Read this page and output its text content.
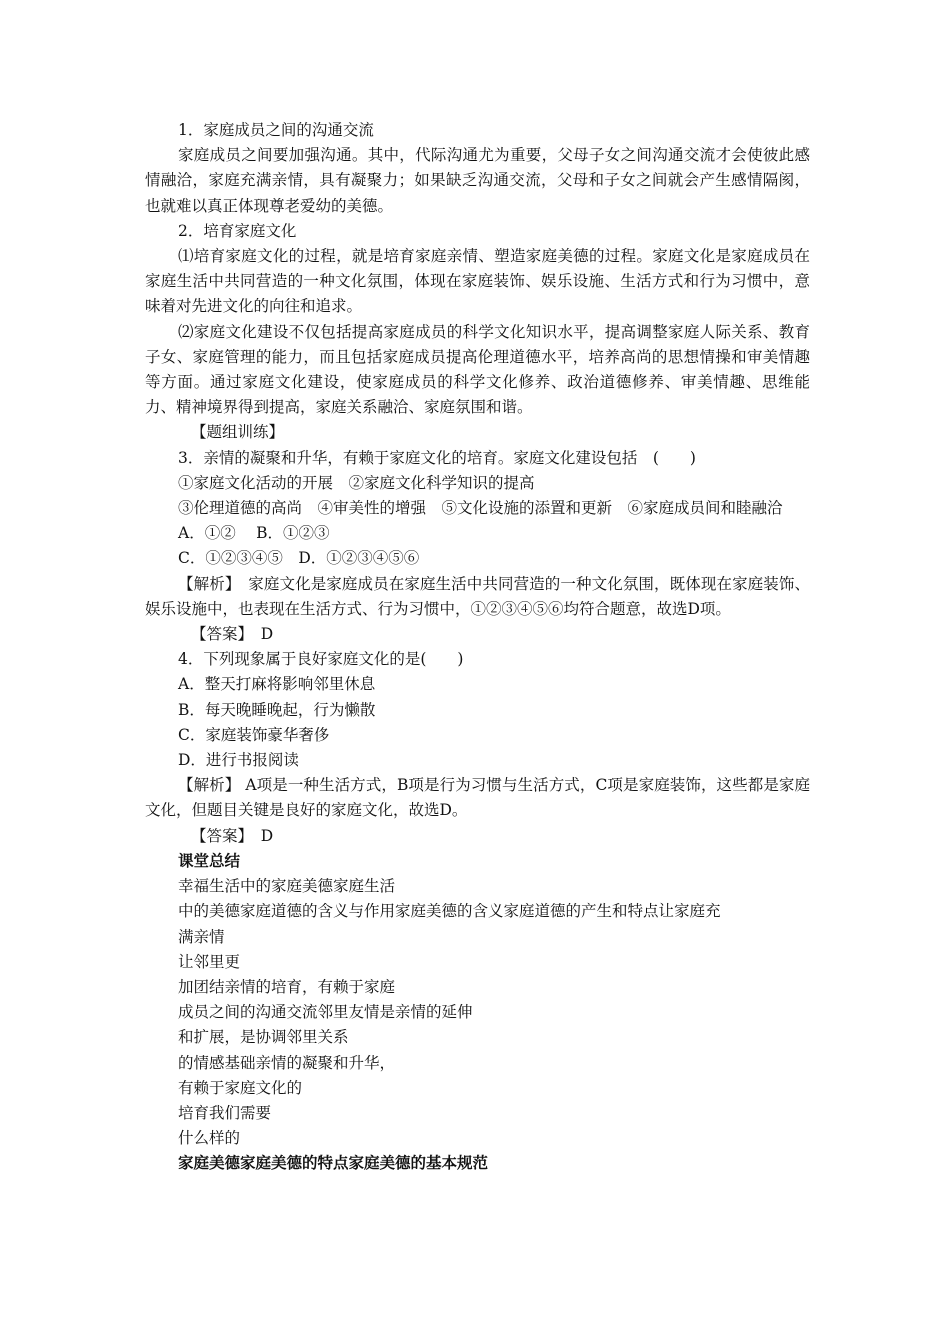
1．家庭成员之间的沟通交流
家庭成员之间要加强沟通。其中，代际沟通尤为重要，父母子女之间沟通交流才会使彼此感情融洽，家庭充满亲情，具有凝聚力；如果缺乏沟通交流，父母和子女之间就会产生感情隔阂，也就难以真正体现尊老爱幼的美德。
2．培育家庭文化
⑴培育家庭文化的过程，就是培育家庭亲情、塑造家庭美德的过程。家庭文化是家庭成员在家庭生活中共同营造的一种文化氛围，体现在家庭装饰、娱乐设施、生活方式和行为习惯中，意味着对先进文化的向往和追求。
⑵家庭文化建设不仅包括提高家庭成员的科学文化知识水平，提高调整家庭人际关系、教育子女、家庭管理的能力，而且包括家庭成员提高伦理道德水平，培养高尚的思想情操和审美情趣等方面。通过家庭文化建设，使家庭成员的科学文化修养、政治道德修养、审美情趣、思维能力、精神境界得到提高，家庭关系融洽、家庭氛围和谐。
【题组训练】
3．亲情的凝聚和升华，有赖于家庭文化的培育。家庭文化建设包括　(　　)
①家庭文化活动的开展　②家庭文化科学知识的提高
③伦理道德的高尚　④审美性的增强　⑤文化设施的添置和更新　⑥家庭成员间和睦融洽
A．①②　 B．①②③
C．①②③④⑤　D．①②③④⑤⑥
【解析】　家庭文化是家庭成员在家庭生活中共同营造的一种文化氛围，既体现在家庭装饰、娱乐设施中，也表现在生活方式、行为习惯中，①②③④⑤⑥均符合题意，故选D项。
【答案】　D
4．下列现象属于良好家庭文化的是(　　)
A．整天打麻将影响邻里休息
B．每天晚睡晚起，行为懒散
C．家庭装饰豪华奢侈
D．进行书报阅读
【解析】 A项是一种生活方式，B项是行为习惯与生活方式，C项是家庭装饰，这些都是家庭文化，但题目关键是良好的家庭文化，故选D。
【答案】　D
课堂总结
幸福生活中的家庭美德家庭生活
中的美德家庭道德的含义与作用家庭美德的含义家庭道德的产生和特点让家庭充
满亲情
让邻里更
加团结亲情的培育，有赖于家庭
成员之间的沟通交流邻里友情是亲情的延伸
和扩展，是协调邻里关系
的情感基础亲情的凝聚和升华，
有赖于家庭文化的
培育我们需要
什么样的
家庭美德家庭美德的特点家庭美德的基本规范
